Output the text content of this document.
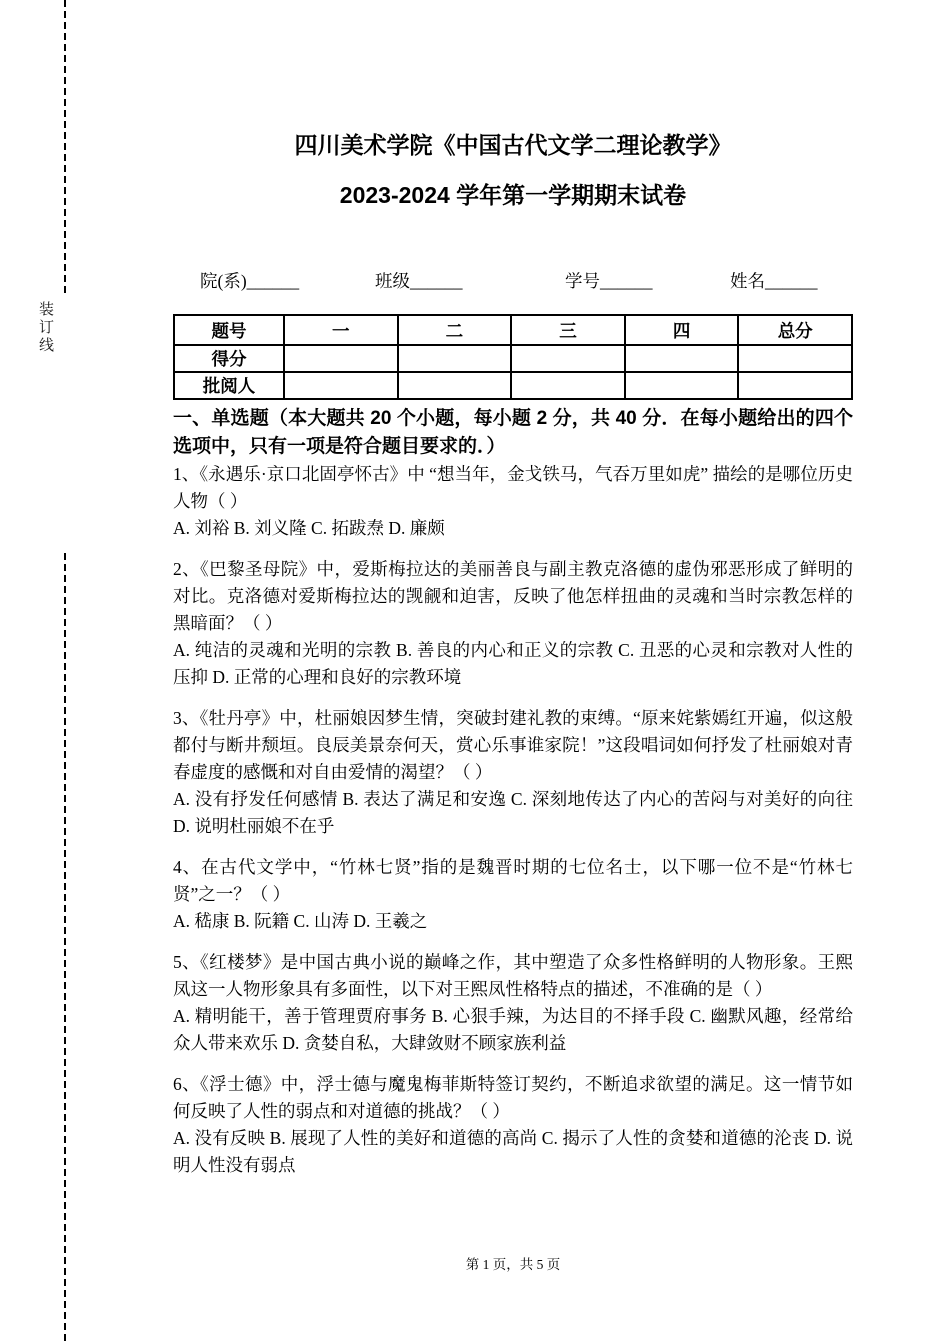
装订线
四川美术学院《中国古代文学二理论教学》
2023-2024 学年第一学期期末试卷
院(系)______	班级______	学号______	姓名______
题号	一	二	三	四	总分
得分					
批阅人					

一、单选题（本大题共 20 个小题，每小题 2 分，共 40 分．在每小题给出的四个选项中，只有一项是符合题目要求的．）

1、《永遇乐·京口北固亭怀古》中 “想当年，金戈铁马，气吞万里如虎” 描绘的是哪位历史人物（ ）

A. 刘裕 B. 刘义隆 C. 拓跋焘 D. 廉颇

2、《巴黎圣母院》中，爱斯梅拉达的美丽善良与副主教克洛德的虚伪邪恶形成了鲜明的对比。克洛德对爱斯梅拉达的觊觎和迫害，反映了他怎样扭曲的灵魂和当时宗教怎样的黑暗面？（ ）

A. 纯洁的灵魂和光明的宗教 B. 善良的内心和正义的宗教 C. 丑恶的心灵和宗教对人性的压抑 D. 正常的心理和良好的宗教环境

3、《牡丹亭》中，杜丽娘因梦生情，突破封建礼教的束缚。“原来姹紫嫣红开遍，似这般都付与断井颓垣。良辰美景奈何天，赏心乐事谁家院！”这段唱词如何抒发了杜丽娘对青春虚度的感慨和对自由爱情的渴望？（ ）

A. 没有抒发任何感情 B. 表达了满足和安逸 C. 深刻地传达了内心的苦闷与对美好的向往 D. 说明杜丽娘不在乎

4、在古代文学中，“竹林七贤”指的是魏晋时期的七位名士，以下哪一位不是“竹林七贤”之一？（ ）

A. 嵇康 B. 阮籍 C. 山涛 D. 王羲之

5、《红楼梦》是中国古典小说的巅峰之作，其中塑造了众多性格鲜明的人物形象。王熙凤这一人物形象具有多面性，以下对王熙凤性格特点的描述，不准确的是（ ）

A. 精明能干，善于管理贾府事务 B. 心狠手辣，为达目的不择手段 C. 幽默风趣，经常给众人带来欢乐 D. 贪婪自私，大肆敛财不顾家族利益

6、《浮士德》中，浮士德与魔鬼梅菲斯特签订契约，不断追求欲望的满足。这一情节如何反映了人性的弱点和对道德的挑战？（ ）

A. 没有反映 B. 展现了人性的美好和道德的高尚 C. 揭示了人性的贪婪和道德的沦丧 D. 说明人性没有弱点

第 1 页，共 5 页
